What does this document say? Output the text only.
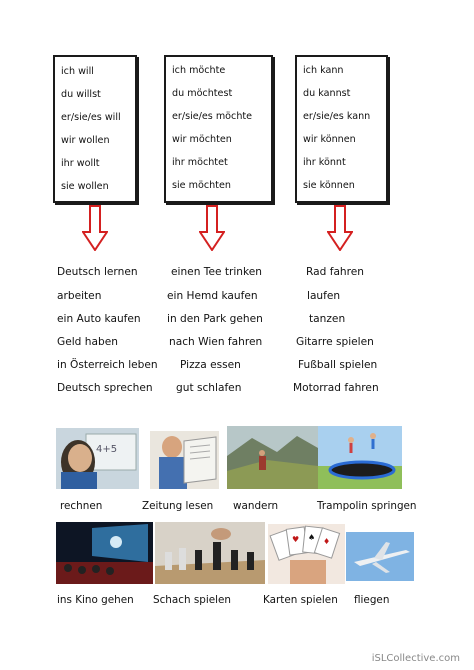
ich will
du willst
er/sie/es will
wir wollen
ihr wollt
sie wollen
ich möchte
du möchtest
er/sie/es möchte
wir möchten
ihr möchtet
sie möchten
ich kann
du kannst
er/sie/es kann
wir können
ihr könnt
sie können
Deutsch lernen
arbeiten
ein Auto kaufen
Geld haben
in Österreich leben
Deutsch sprechen
einen Tee trinken
ein Hemd kaufen
in den Park gehen
nach Wien fahren
Pizza essen
gut schlafen
Rad fahren
laufen
tanzen
Gitarre spielen
Fußball spielen
Motorrad fahren
4+5
rechnen	Zeitung lesen wandern	Trampolin springen
♥ ♠ ♦
ins Kino gehen Schach spielen	Karten spielen fliegen
iSLCollective.com
